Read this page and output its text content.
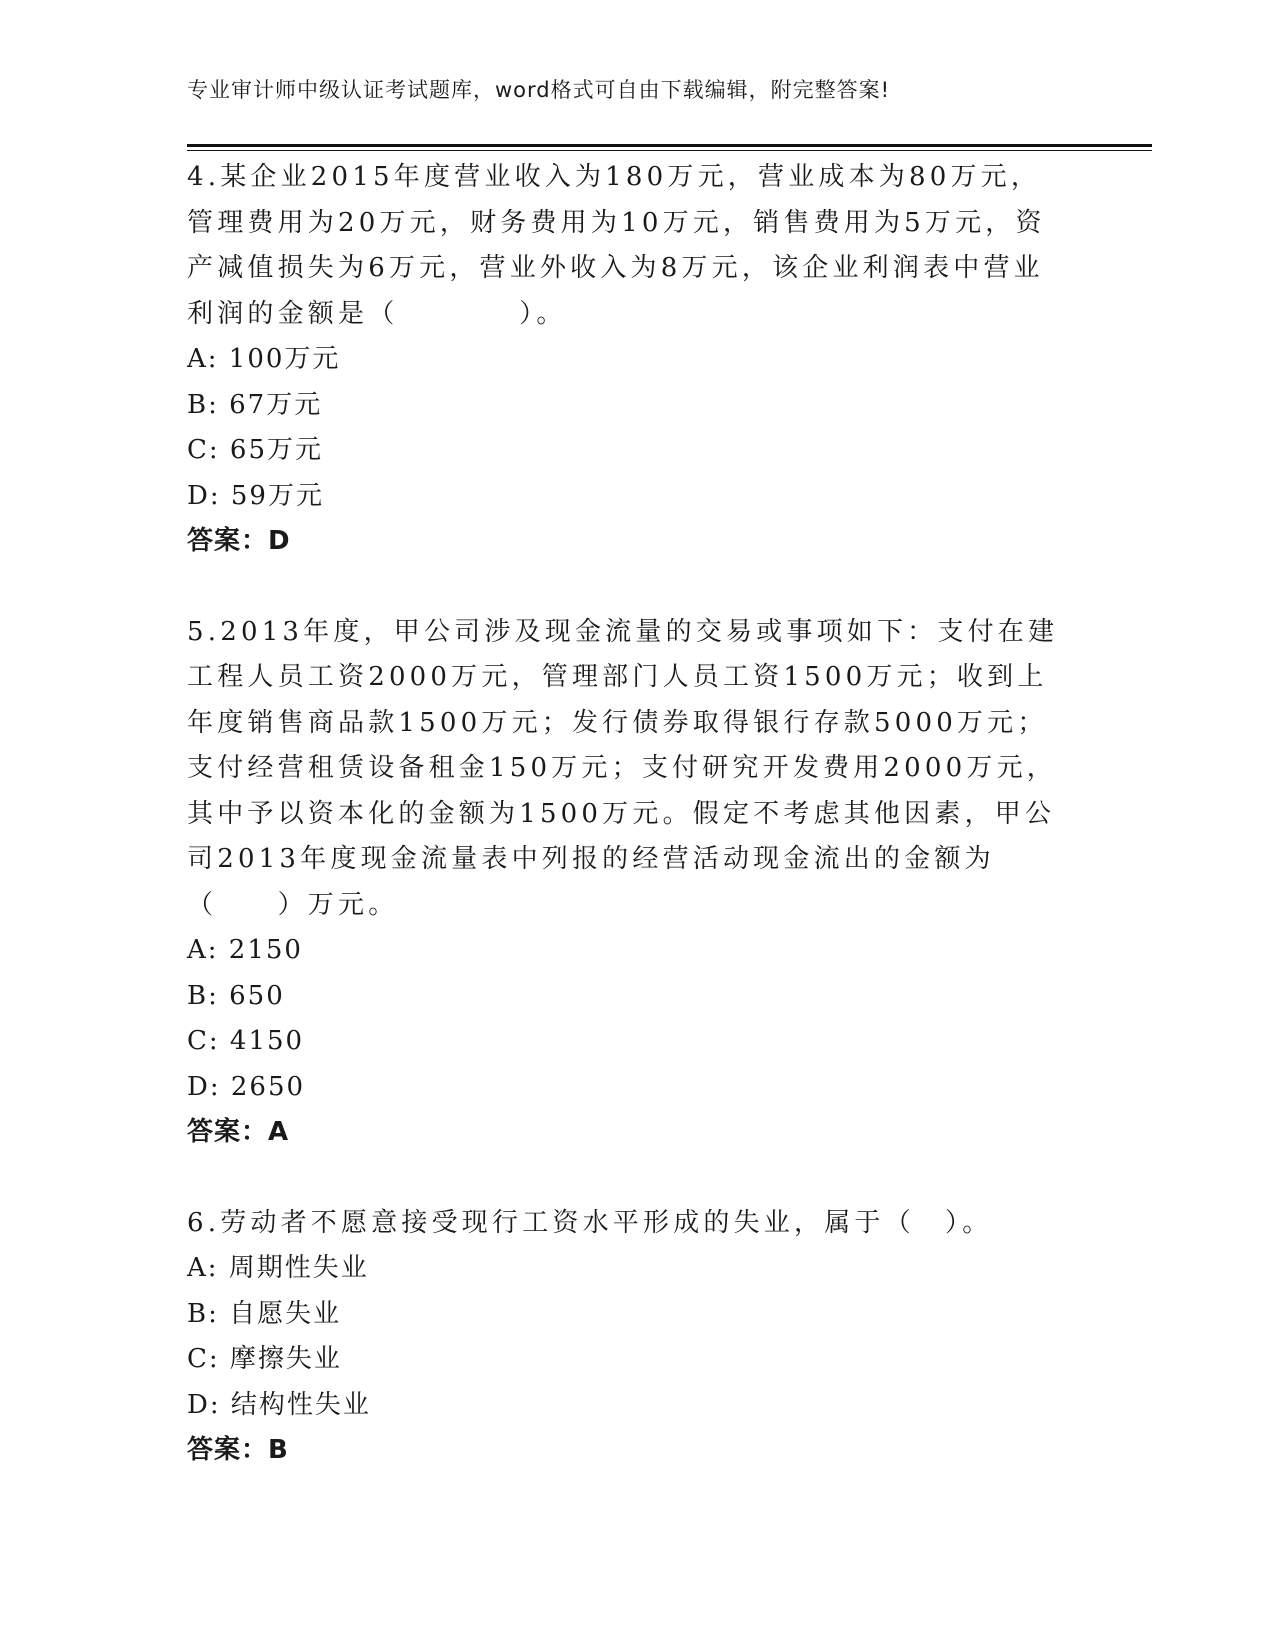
专业审计师中级认证考试题库，word格式可自由下载编辑，附完整答案!

4.某企业2015年度营业收入为180万元，营业成本为80万元，管理费用为20万元，财务费用为10万元，销售费用为5万元，资产减值损失为6万元，营业外收入为8万元，该企业利润表中营业利润的金额是（　　　　）。

A: 100万元

B: 67万元

C: 65万元

D: 59万元

答案：D

5.2013年度，甲公司涉及现金流量的交易或事项如下：支付在建工程人员工资2000万元，管理部门人员工资1500万元；收到上年度销售商品款1500万元；发行债券取得银行存款5000万元；支付经营租赁设备租金150万元；支付研究开发费用2000万元，其中予以资本化的金额为1500万元。假定不考虑其他因素，甲公司2013年度现金流量表中列报的经营活动现金流出的金额为（　　）万元。

A: 2150

B: 650

C: 4150

D: 2650

答案：A

6.劳动者不愿意接受现行工资水平形成的失业，属于（　）。

A: 周期性失业

B: 自愿失业

C: 摩擦失业

D: 结构性失业

答案：B
